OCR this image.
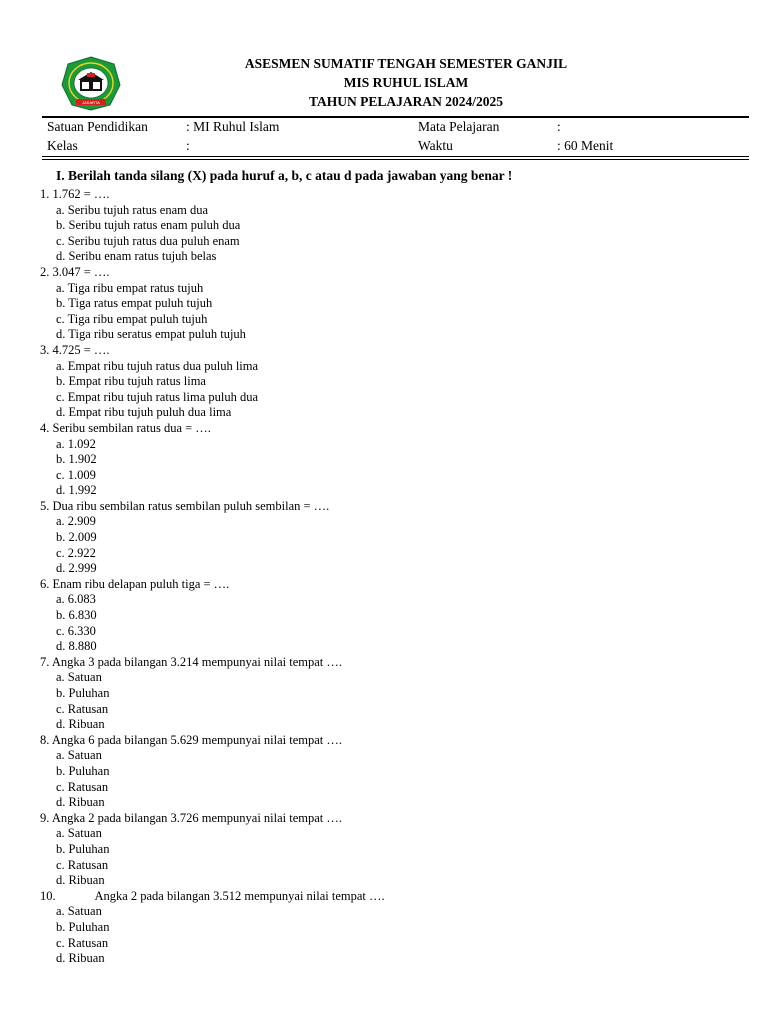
JAKARTA
ASESMEN SUMATIF TENGAH SEMESTER GANJIL
MIS RUHUL ISLAM
TAHUN PELAJARAN 2024/2025
Satuan Pendidikan	: MI Ruhul Islam	Mata Pelajaran	:
Kelas	:	Waktu	: 60 Menit
I. Berilah tanda silang (X) pada huruf a, b, c atau d pada jawaban yang benar !
1. 1.762 = ….
a. Seribu tujuh ratus enam dua
b. Seribu tujuh ratus enam puluh dua
c. Seribu tujuh ratus dua puluh enam
d. Seribu enam ratus tujuh belas
2. 3.047 = ….
a. Tiga ribu empat ratus tujuh
b. Tiga ratus empat puluh tujuh
c. Tiga ribu empat puluh tujuh
d. Tiga ribu seratus empat puluh tujuh
3. 4.725 = ….
a. Empat ribu tujuh ratus dua puluh lima
b. Empat ribu tujuh ratus lima
c. Empat ribu tujuh ratus lima puluh dua
d. Empat ribu tujuh puluh dua lima
4. Seribu sembilan ratus dua = ….
a. 1.092
b. 1.902
c. 1.009
d. 1.992
5. Dua ribu sembilan ratus sembilan puluh sembilan = ….
a. 2.909
b. 2.009
c. 2.922
d. 2.999
6. Enam ribu delapan puluh tiga = ….
a. 6.083
b. 6.830
c. 6.330
d. 8.880
7. Angka 3 pada bilangan 3.214 mempunyai nilai tempat ….
a. Satuan
b. Puluhan
c. Ratusan
d. Ribuan
8. Angka 6 pada bilangan 5.629 mempunyai nilai tempat ….
a. Satuan
b. Puluhan
c. Ratusan
d. Ribuan
9. Angka 2 pada bilangan 3.726 mempunyai nilai tempat ….
a. Satuan
b. Puluhan
c. Ratusan
d. Ribuan
10.	Angka 2 pada bilangan 3.512 mempunyai nilai tempat ….
a. Satuan
b. Puluhan
c. Ratusan
d. Ribuan
